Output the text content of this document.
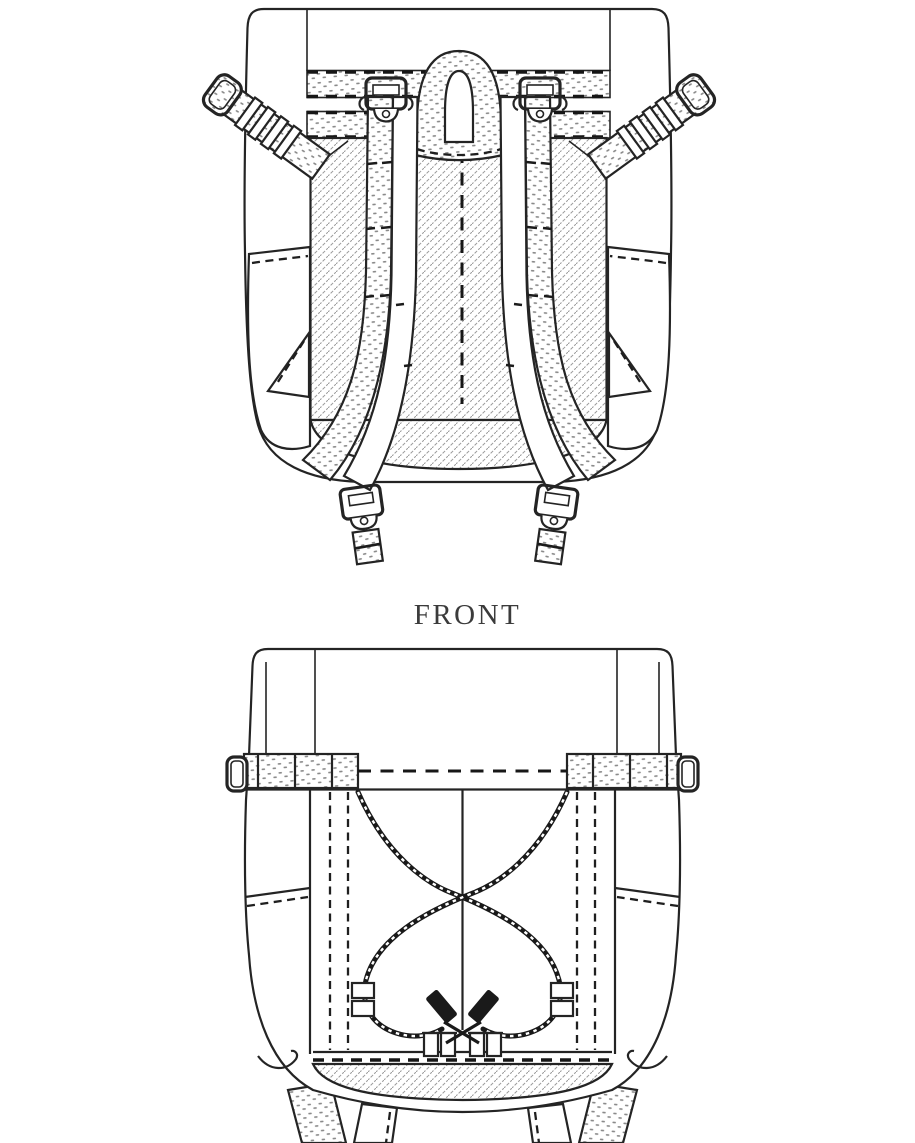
FRONT
